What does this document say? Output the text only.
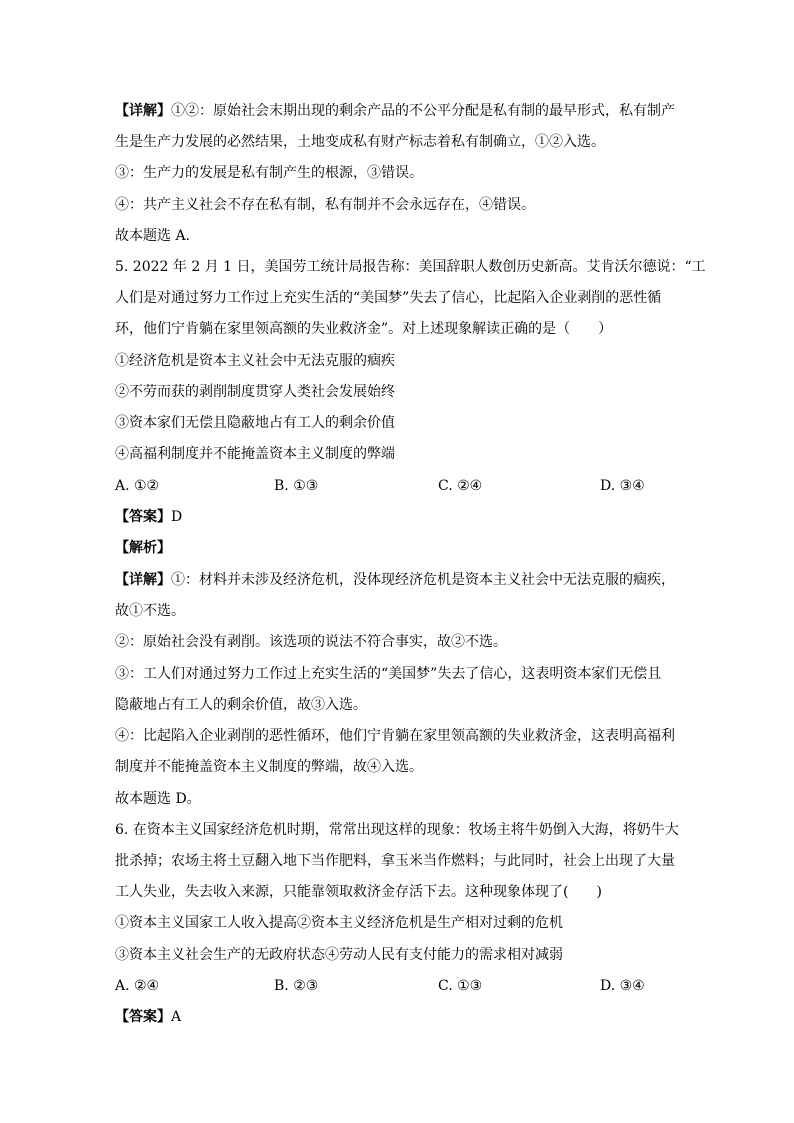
【详解】①②：原始社会末期出现的剩余产品的不公平分配是私有制的最早形式，私有制产
生是生产力发展的必然结果，土地变成私有财产标志着私有制确立，①②入选。
③：生产力的发展是私有制产生的根源，③错误。
④：共产主义社会不存在私有制，私有制并不会永远存在，④错误。
故本题选 A.
5. 2022 年 2 月 1 日，美国劳工统计局报告称：美国辞职人数创历史新高。艾肯沃尔德说：“工
人们是对通过努力工作过上充实生活的“美国梦”失去了信心，比起陷入企业剥削的恶性循
环，他们宁肯躺在家里领高额的失业救济金”。对上述现象解读正确的是（　　）
①经济危机是资本主义社会中无法克服的痼疾
②不劳而获的剥削制度贯穿人类社会发展始终
③资本家们无偿且隐蔽地占有工人的剩余价值
④高福利制度并不能掩盖资本主义制度的弊端
A. ①②	B. ①③	C. ②④	D. ③④
【答案】D
【解析】
【详解】①：材料并未涉及经济危机，没体现经济危机是资本主义社会中无法克服的痼疾，
故①不选。
②：原始社会没有剥削。该选项的说法不符合事实，故②不选。
③：工人们对通过努力工作过上充实生活的“美国梦”失去了信心，这表明资本家们无偿且
隐蔽地占有工人的剩余价值，故③入选。
④：比起陷入企业剥削的恶性循环，他们宁肯躺在家里领高额的失业救济金，这表明高福利
制度并不能掩盖资本主义制度的弊端，故④入选。
故本题选 D。
6. 在资本主义国家经济危机时期，常常出现这样的现象：牧场主将牛奶倒入大海，将奶牛大
批杀掉；农场主将土豆翻入地下当作肥料，拿玉米当作燃料；与此同时，社会上出现了大量
工人失业，失去收入来源，只能靠领取救济金存活下去。这种现象体现了(　　)
①资本主义国家工人收入提高②资本主义经济危机是生产相对过剩的危机
③资本主义社会生产的无政府状态④劳动人民有支付能力的需求相对减弱
A. ②④	B. ②③	C. ①③	D. ③④
【答案】A
